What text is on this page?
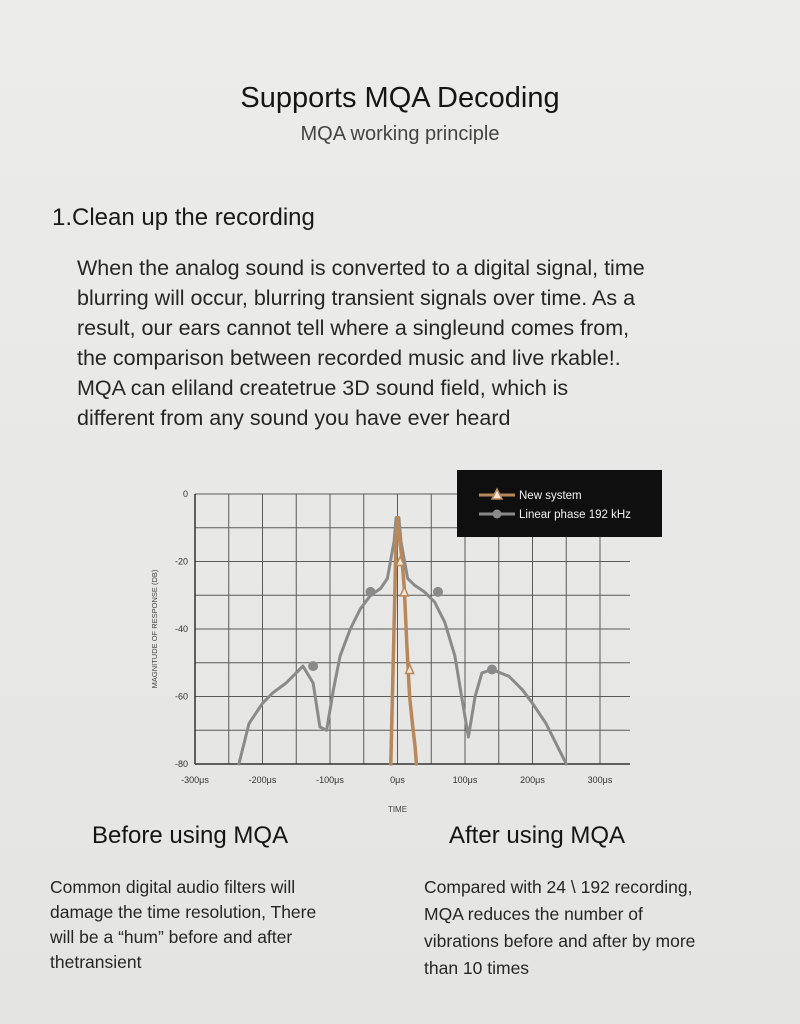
Supports MQA Decoding
MQA working principle
1.Clean up the recording
When the analog sound is converted to a digital signal, time
blurring will occur, blurring transient signals over time. As a
result, our ears cannot tell where a singleund comes from,
the comparison between recorded music and live rkable!.
MQA can eliland createtrue 3D sound field, which is
different from any sound you have ever heard
0
-20
-40
-60
-80
-300μs	-200μs	-100μs	0μs	100μs	200μs	300μs
TIME
MAGNITUDE OF RESPONSE (DB)
New system
Linear phase 192 kHz
Before using MQA	After using MQA
Common digital audio filters will
damage the time resolution, There
will be a “hum” before and after
thetransient
Compared with 24 \ 192 recording,
MQA reduces the number of
vibrations before and after by more
than 10 times
